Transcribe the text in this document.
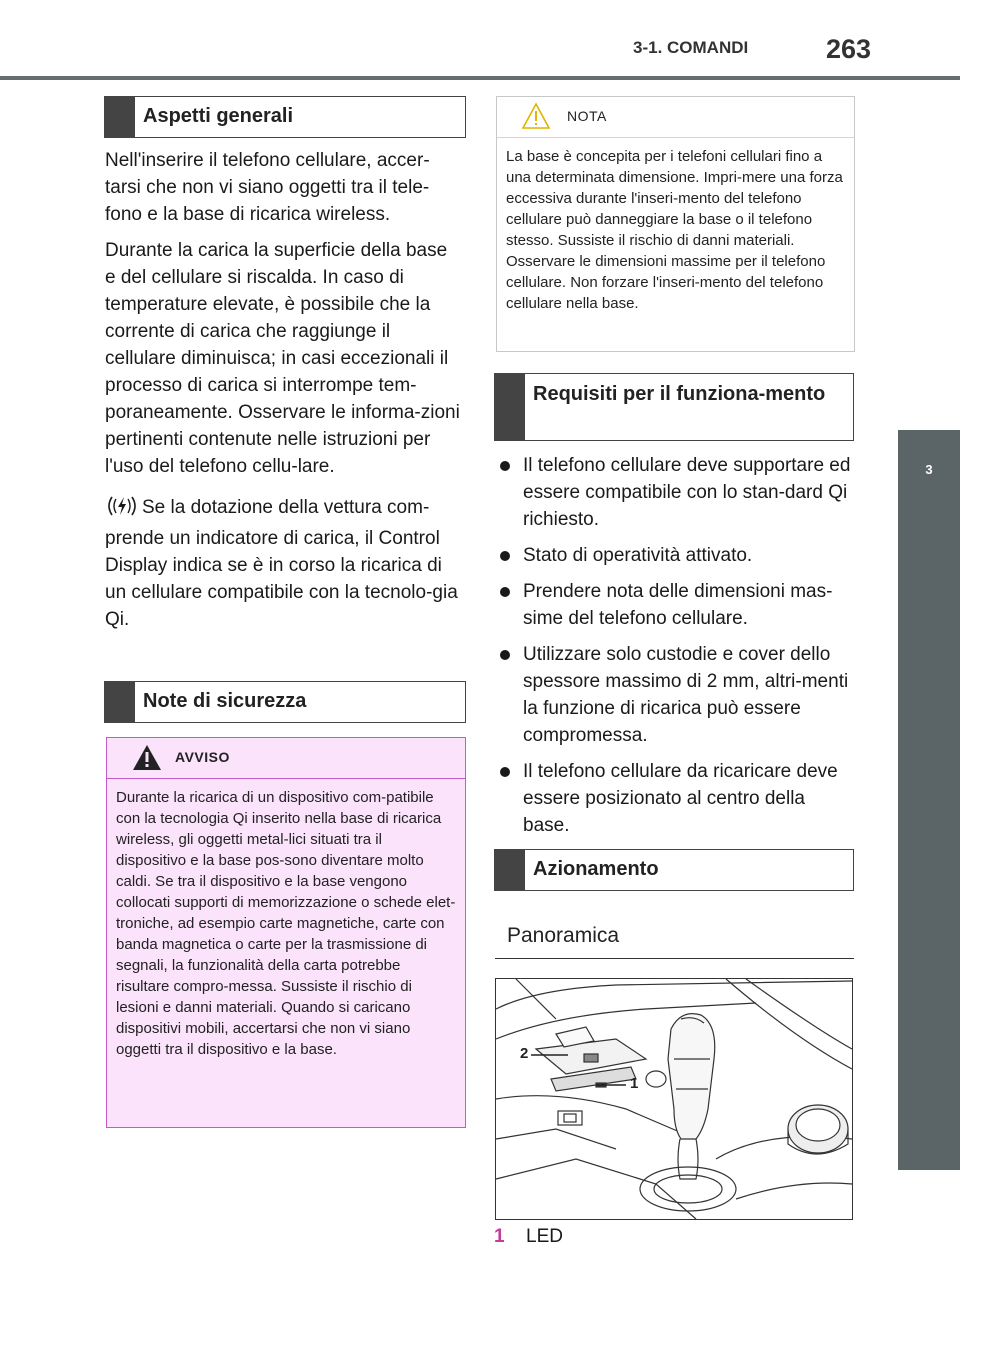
3-1. COMANDI	263
3
COMANDI
Aspetti generali

Nell'inserire il telefono cellulare, accer-tarsi che non vi siano oggetti tra il tele-fono e la base di ricarica wireless.

Durante la carica la superficie della base e del cellulare si riscalda. In caso di temperature elevate, è possibile che la corrente di carica che raggiunge il cellulare diminuisca; in casi eccezionali il processo di carica si interrompe tem-poraneamente. Osservare le informa-zioni pertinenti contenute nelle istruzioni per l'uso del telefono cellu-lare.

Se la dotazione della vettura com-prende un indicatore di carica, il Control Display indica se è in corso la ricarica di un cellulare compatibile con la tecnolo-gia Qi.

Note di sicurezza
AVVISO
Durante la ricarica di un dispositivo com-patibile con la tecnologia Qi inserito nella base di ricarica wireless, gli oggetti metal-lici situati tra il dispositivo e la base pos-sono diventare molto caldi. Se tra il dispositivo e la base vengono collocati supporti di memorizzazione o schede elet-troniche, ad esempio carte magnetiche, carte con banda magnetica o carte per la trasmissione di segnali, la funzionalità della carta potrebbe risultare compro-messa. Sussiste il rischio di lesioni e danni materiali. Quando si caricano dispositivi mobili, accertarsi che non vi siano oggetti tra il dispositivo e la base.
NOTA
La base è concepita per i telefoni cellulari fino a una determinata dimensione. Impri-mere una forza eccessiva durante l'inseri-mento del telefono cellulare può danneggiare la base o il telefono stesso. Sussiste il rischio di danni materiali. Osservare le dimensioni massime per il telefono cellulare. Non forzare l'inseri-mento del telefono cellulare nella base.
Requisiti per il funziona-mento
Il telefono cellulare deve supportare ed essere compatibile con lo stan-dard Qi richiesto.
Stato di operatività attivato.
Prendere nota delle dimensioni mas-sime del telefono cellulare.
Utilizzare solo custodie e cover dello spessore massimo di 2 mm, altri-menti la funzione di ricarica può essere compromessa.
Il telefono cellulare da ricaricare deve essere posizionato al centro della base.
Azionamento
Panoramica
2
1
1 LED
